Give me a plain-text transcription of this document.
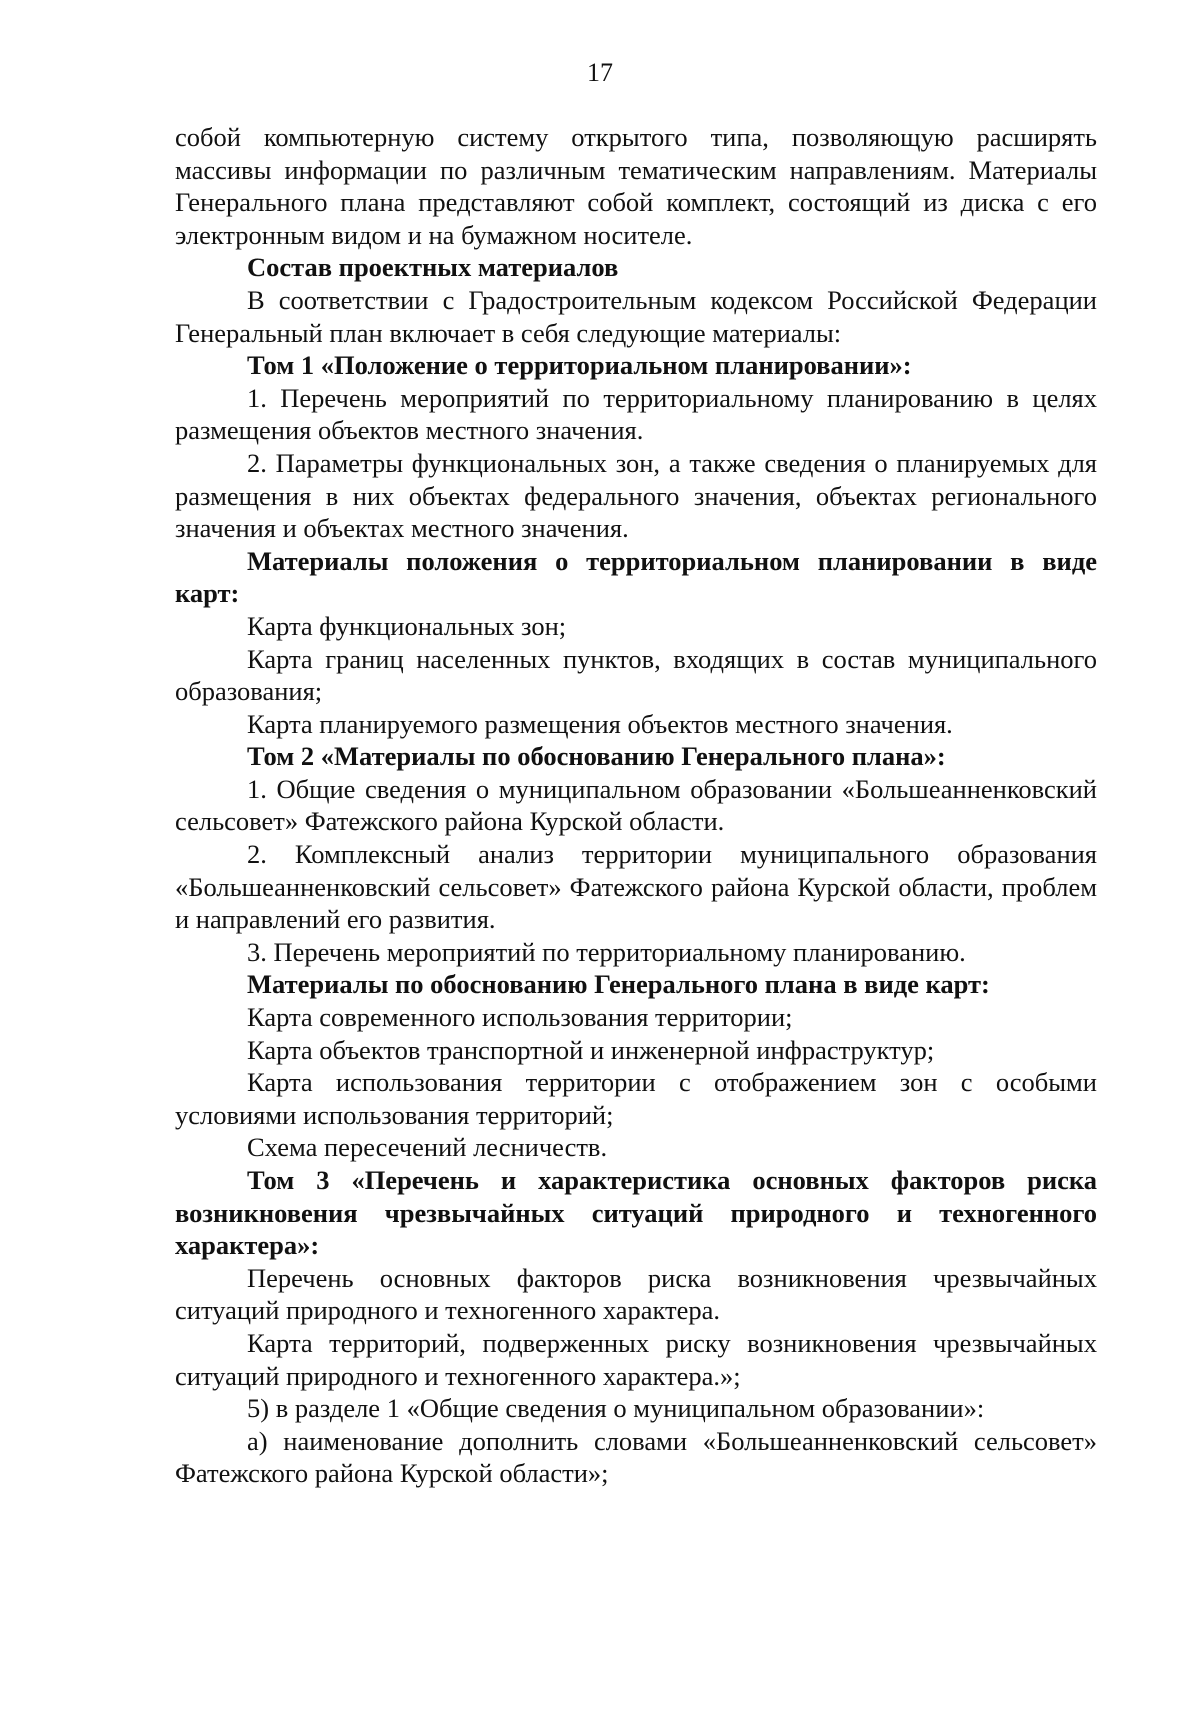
17

собой компьютерную систему открытого типа, позволяющую расширять массивы информации по различным тематическим направлениям. Материалы Генерального плана представляют собой комплект, состоящий из диска с его электронным видом и на бумажном носителе.

Состав проектных материалов

В соответствии с Градостроительным кодексом Российской Федерации Генеральный план включает в себя следующие материалы:

Том 1 «Положение о территориальном планировании»:

1. Перечень мероприятий по территориальному планированию в целях размещения объектов местного значения.

2. Параметры функциональных зон, а также сведения о планируемых для размещения в них объектах федерального значения, объектах регионального значения и объектах местного значения.

Материалы положения о территориальном планировании в виде карт:

Карта функциональных зон;

Карта границ населенных пунктов, входящих в состав муниципального образования;

Карта планируемого размещения объектов местного значения.

Том 2 «Материалы по обоснованию Генерального плана»:

1. Общие сведения о муниципальном образовании «Большеанненковский сельсовет» Фатежского района Курской области.

2. Комплексный анализ территории муниципального образования «Большеанненковский сельсовет» Фатежского района Курской области, проблем и направлений его развития.

3. Перечень мероприятий по территориальному планированию.

Материалы по обоснованию Генерального плана в виде карт:

Карта современного использования территории;

Карта объектов транспортной и инженерной инфраструктур;

Карта использования территории с отображением зон с особыми условиями использования территорий;

Схема пересечений лесничеств.

Том 3 «Перечень и характеристика основных факторов риска возникновения чрезвычайных ситуаций природного и техногенного характера»:

Перечень основных факторов риска возникновения чрезвычайных ситуаций природного и техногенного характера.

Карта территорий, подверженных риску возникновения чрезвычайных ситуаций природного и техногенного характера.»;

5) в разделе 1 «Общие сведения о муниципальном образовании»:

а) наименование дополнить словами «Большеанненковский сельсовет» Фатежского района Курской области»;
